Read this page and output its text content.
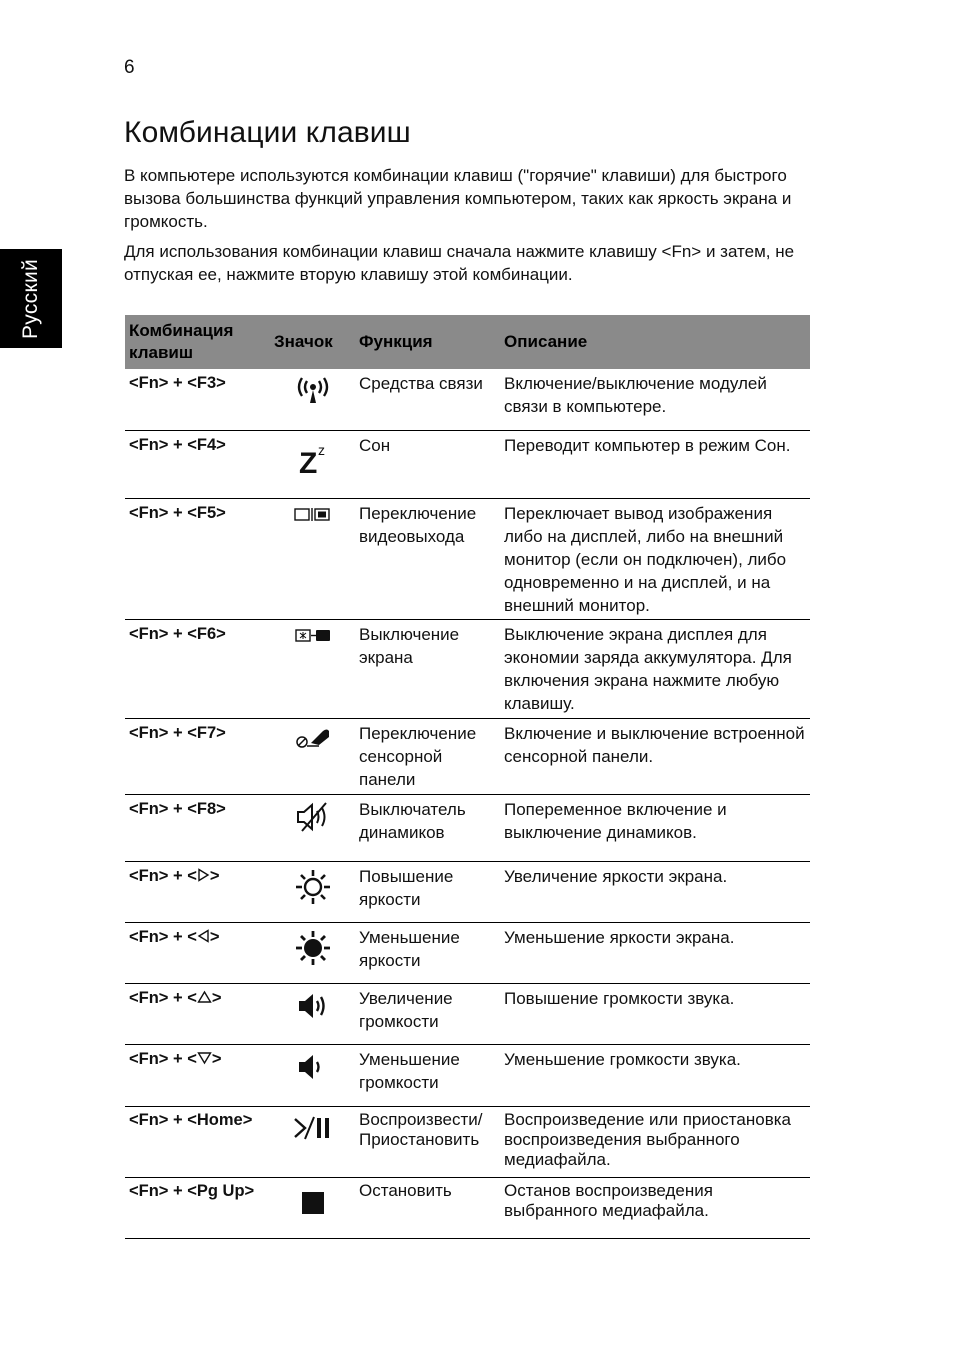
6
Русский
Комбинации клавиш

В компьютере используются комбинации клавиш ("горячие" клавиши) для быстрого вызова большинства функций управления компьютером, таких как яркость экрана и громкость.

Для использования комбинации клавиш сначала нажмите клавишу <Fn> и затем, не отпуская ее, нажмите вторую клавишу этой комбинации.

Комбинация клавиш	Значок	Функция	Описание
<Fn> + <F3>		Средства связи	Включение/выключение модулей связи в компьютере.
<Fn> + <F4>	Z z	Сон	Переводит компьютер в режим Сон.
<Fn> + <F5>		Переключение видеовыхода	Переключает вывод изображения либо на дисплей, либо на внешний монитор (если он подключен), либо одновременно и на дисплей, и на внешний монитор.
<Fn> + <F6>		Выключение экрана	Выключение экрана дисплея для экономии заряда аккумулятора. Для включения экрана нажмите любую клавишу.
<Fn> + <F7>		Переключение сенсорной панели	Включение и выключение встроенной сенсорной панели.
<Fn> + <F8>		Выключатель динамиков	Попеременное включение и выключение динамиков.
<Fn> + < >		Повышение яркости	Увеличение яркости экрана.
<Fn> + < >		Уменьшение яркости	Уменьшение яркости экрана.
<Fn> + < >		Увеличение громкости	Повышение громкости звука.
<Fn> + < >		Уменьшение громкости	Уменьшение громкости звука.
<Fn> + <Home>		Воспроизвести/ Приостановить	Воспроизведение или приостановка воспроизведения выбранного медиафайла.
<Fn> + <Pg Up>		Остановить	Останов воспроизведения выбранного медиафайла.
